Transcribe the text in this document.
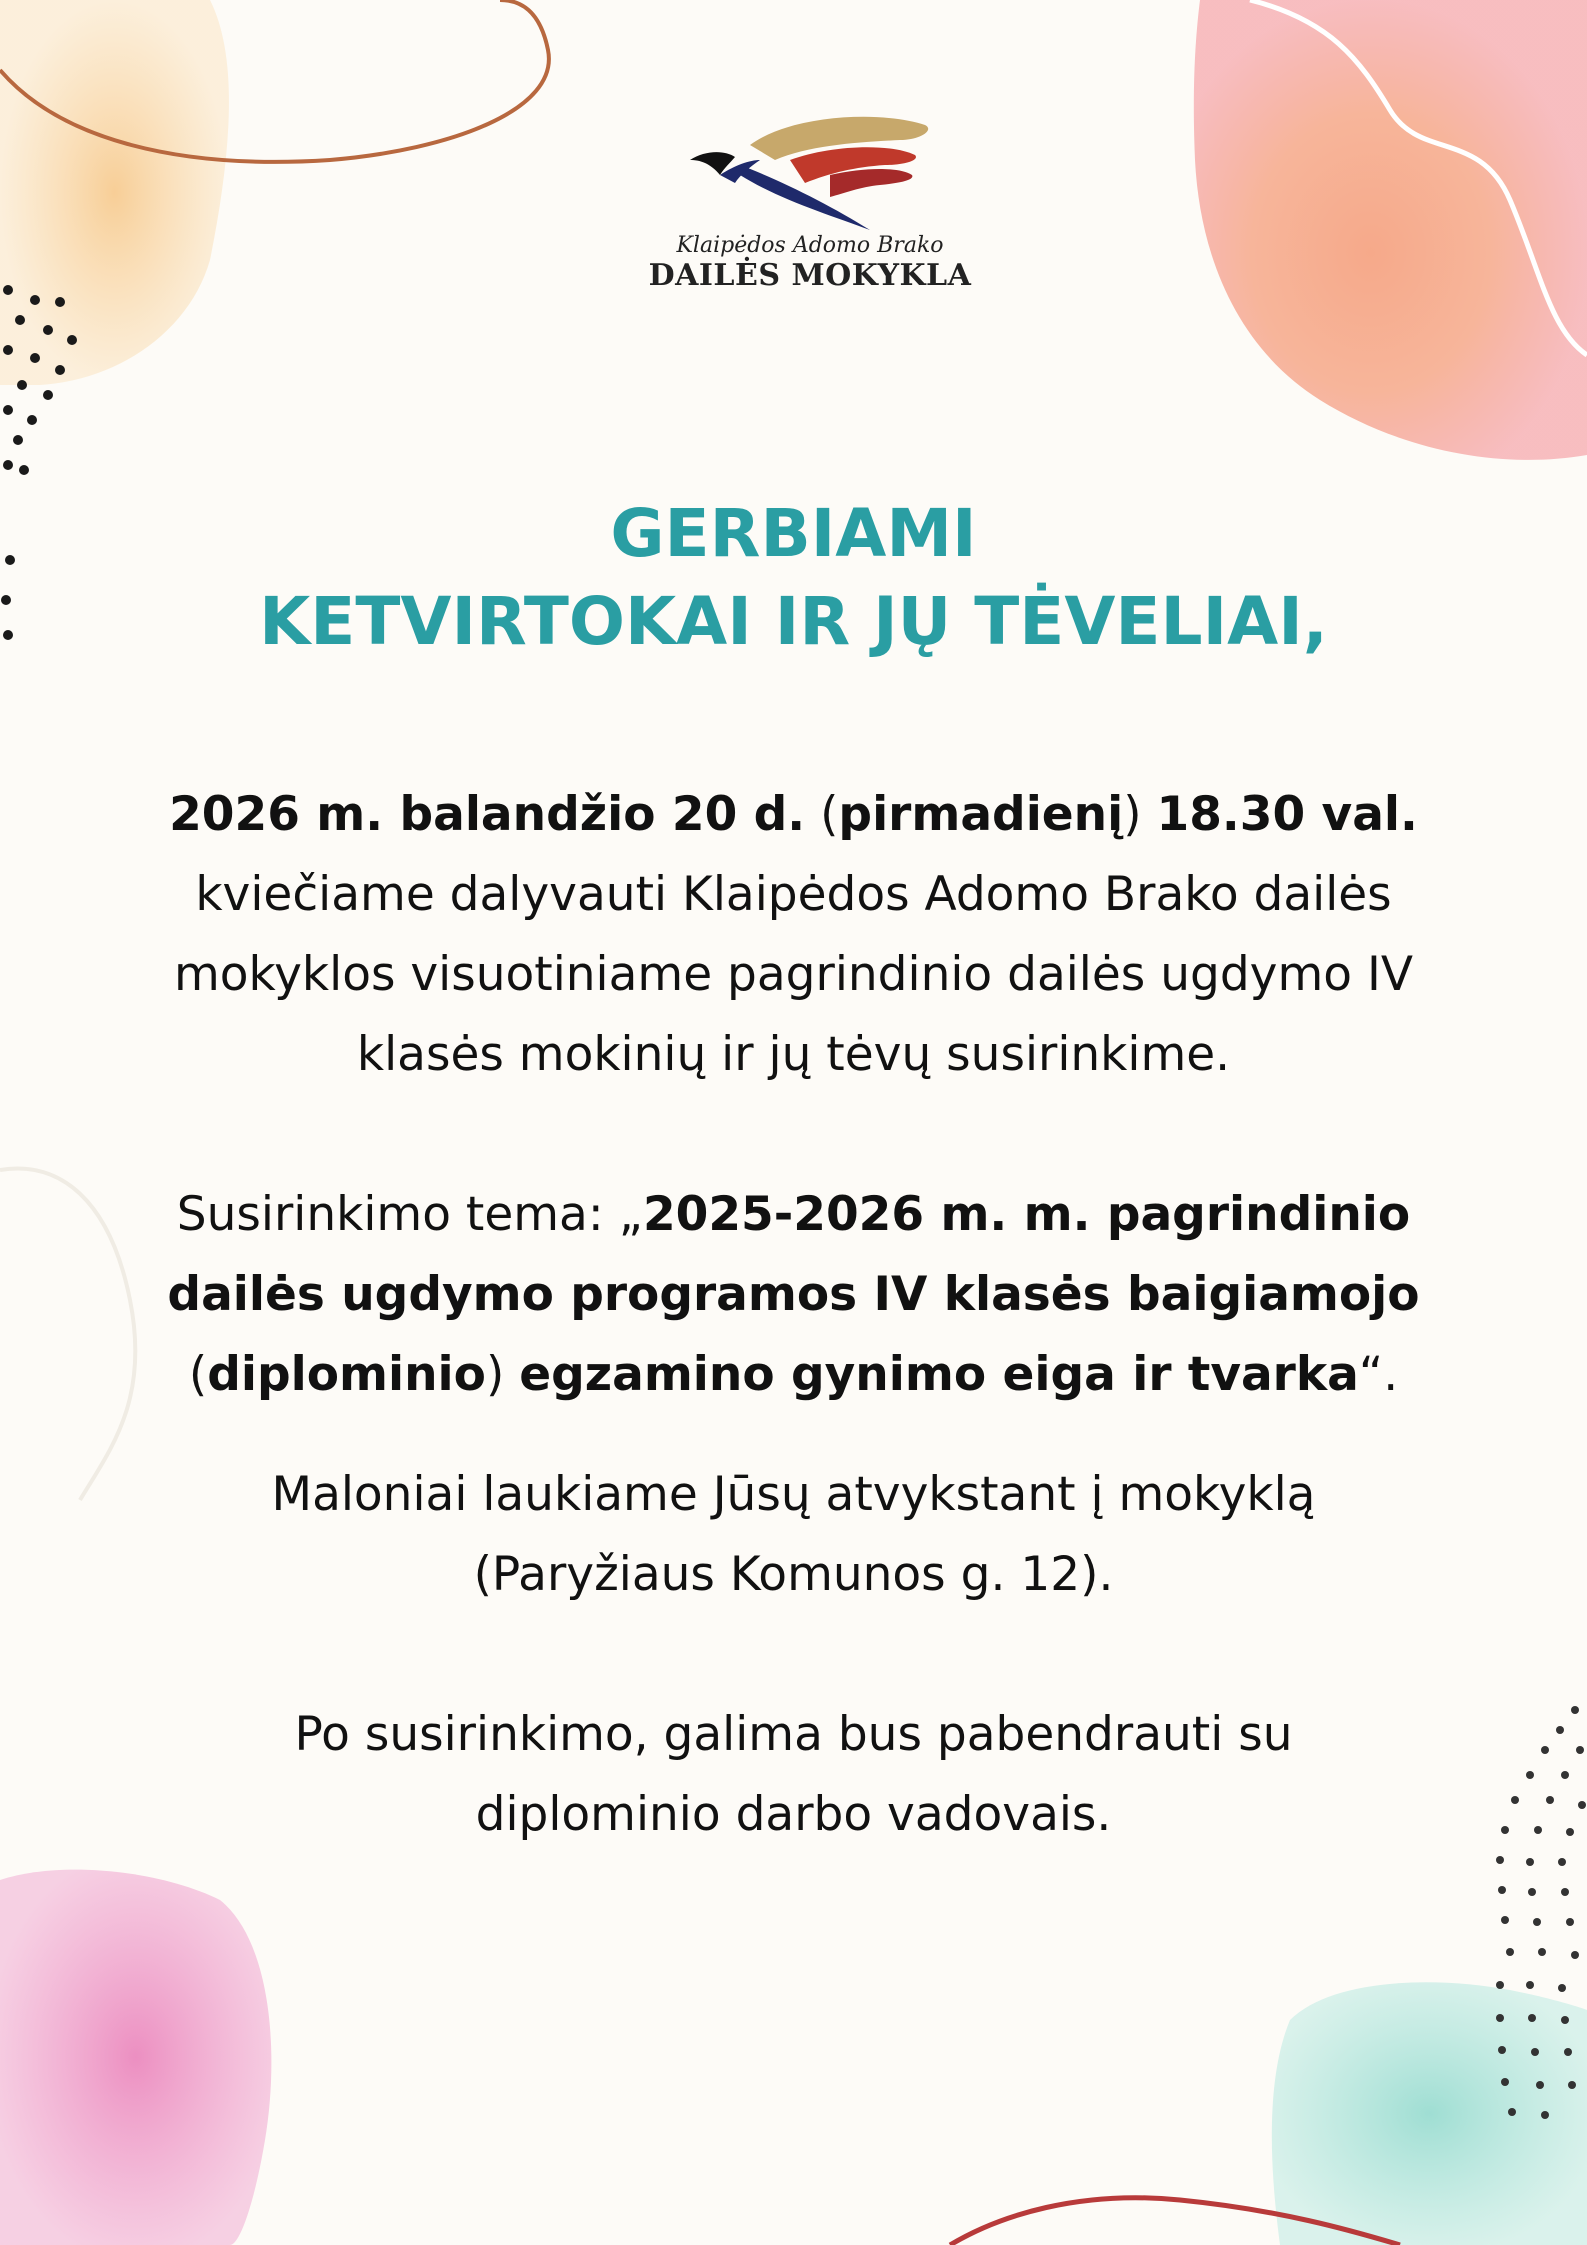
Klaipėdos Adomo Brako
DAILĖS MOKYKLA
GERBIAMI
KETVIRTOKAI IR JŲ TĖVELIAI,
2026 m. balandžio 20 d. (pirmadienį) 18.30 val.
kviečiame dalyvauti Klaipėdos Adomo Brako dailės
mokyklos visuotiniame pagrindinio dailės ugdymo IV
klasės mokinių ir jų tėvų susirinkime.
Susirinkimo tema: „2025-2026 m. m. pagrindinio
dailės ugdymo programos IV klasės baigiamojo
(diplominio) egzamino gynimo eiga ir tvarka“.
Maloniai laukiame Jūsų atvykstant į mokyklą
(Paryžiaus Komunos g. 12).
Po susirinkimo, galima bus pabendrauti su
diplominio darbo vadovais.
